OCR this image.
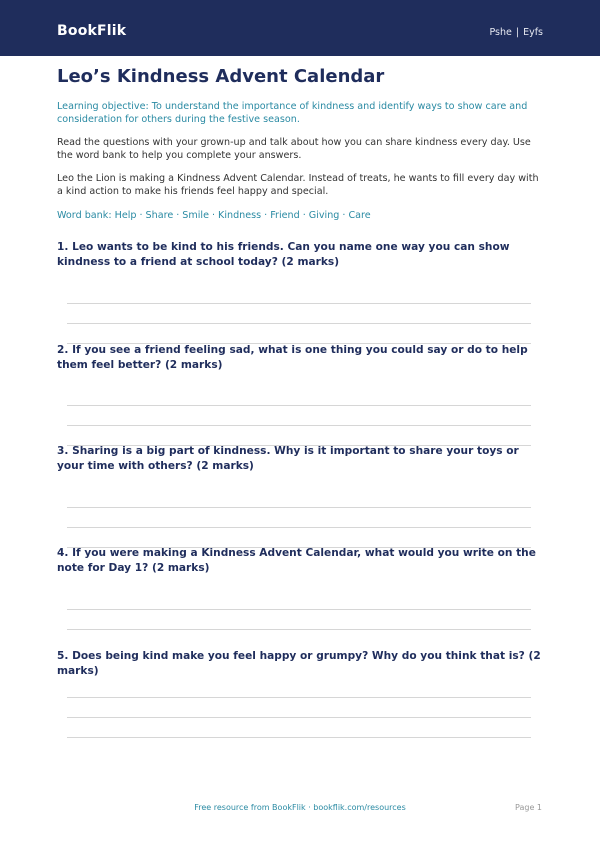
BookFlik	Pshe | Eyfs
Leo’s Kindness Advent Calendar
Learning objective: To understand the importance of kindness and identify ways to show care and consideration for others during the festive season.
Read the questions with your grown-up and talk about how you can share kindness every day. Use the word bank to help you complete your answers.
Leo the Lion is making a Kindness Advent Calendar. Instead of treats, he wants to fill every day with a kind action to make his friends feel happy and special.
Word bank: Help · Share · Smile · Kindness · Friend · Giving · Care

1. Leo wants to be kind to his friends. Can you name one way you can show kindness to a friend at school today? (2 marks)

2. If you see a friend feeling sad, what is one thing you could say or do to help them feel better? (2 marks)

3. Sharing is a big part of kindness. Why is it important to share your toys or your time with others? (2 marks)

4. If you were making a Kindness Advent Calendar, what would you write on the note for Day 1? (2 marks)

5. Does being kind make you feel happy or grumpy? Why do you think that is? (2 marks)

Free resource from BookFlik · bookflik.com/resources	Page 1
